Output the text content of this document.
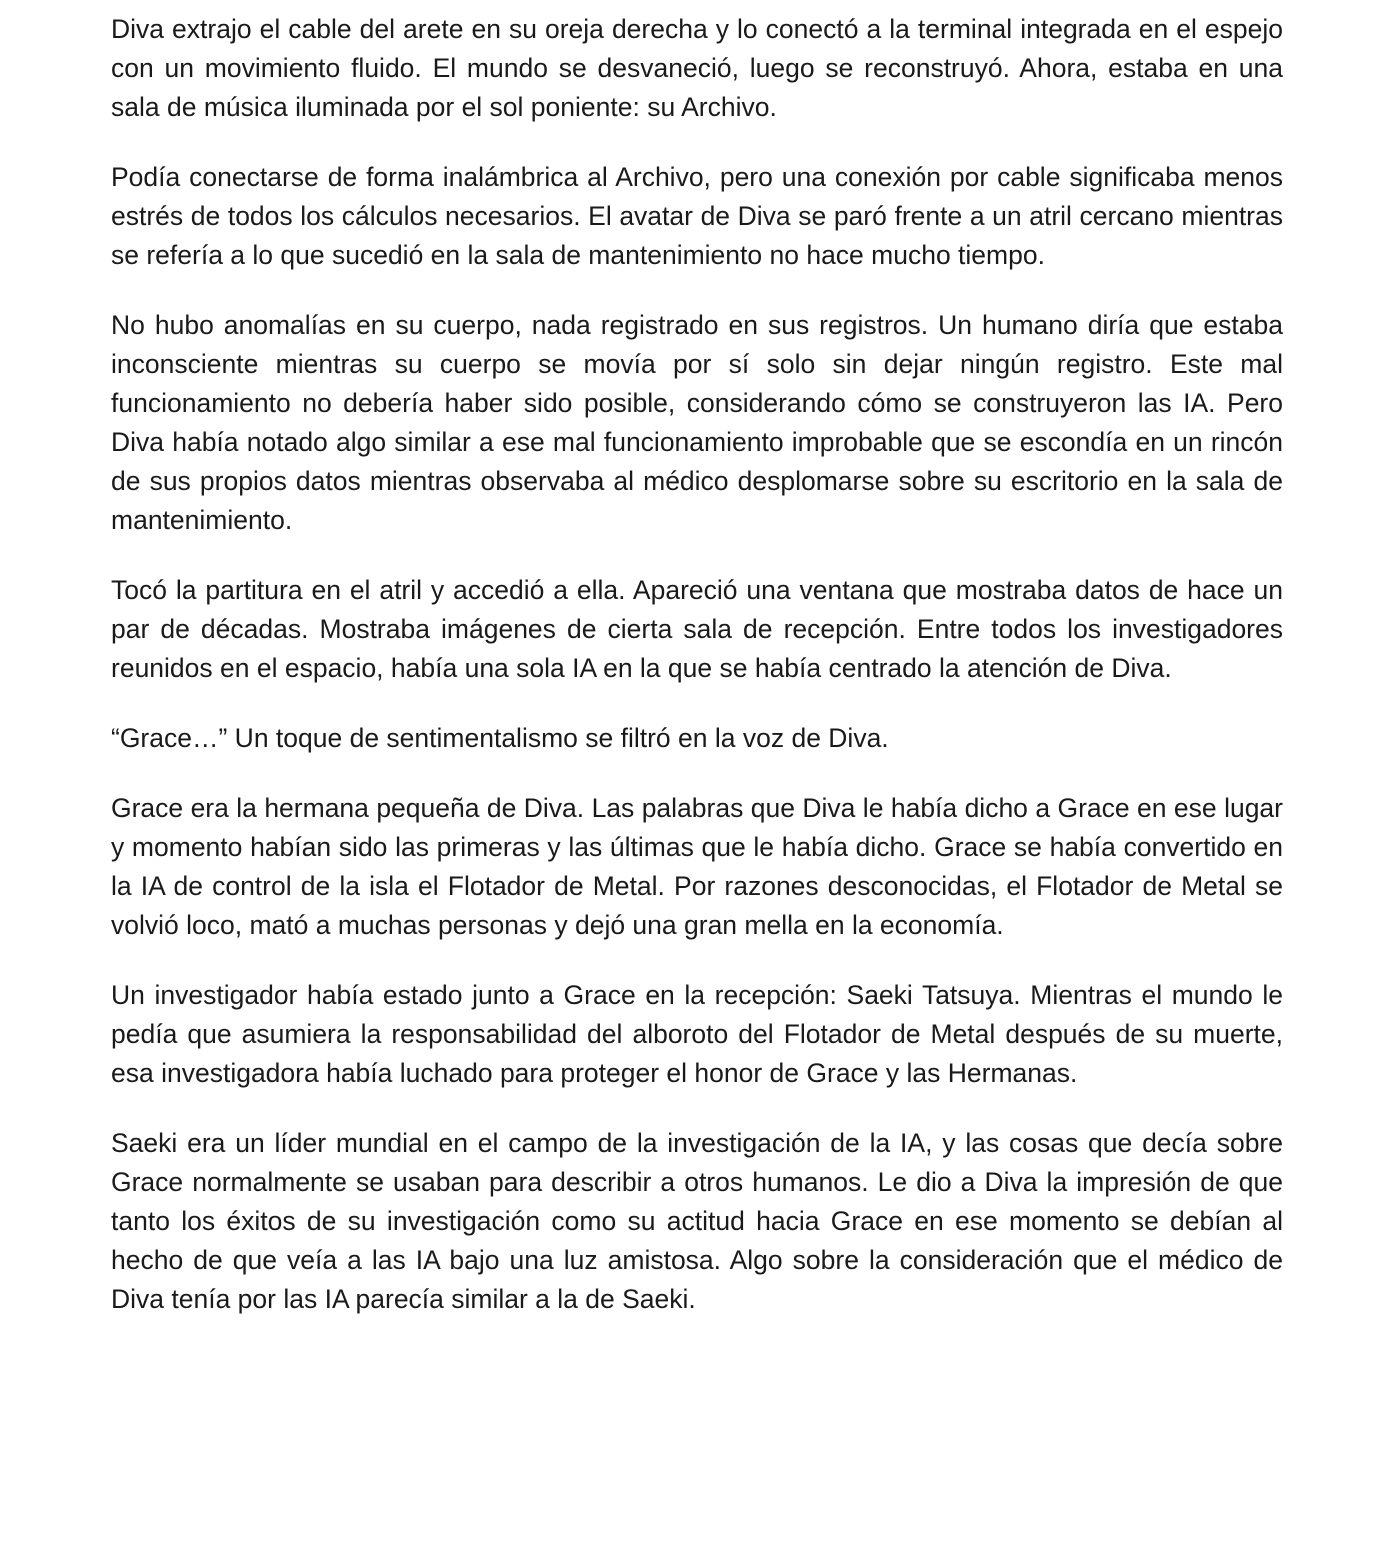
Diva extrajo el cable del arete en su oreja derecha y lo conectó a la terminal integrada en el espejo con un movimiento fluido. El mundo se desvaneció, luego se reconstruyó. Ahora, estaba en una sala de música iluminada por el sol poniente: su Archivo.

Podía conectarse de forma inalámbrica al Archivo, pero una conexión por cable significaba menos estrés de todos los cálculos necesarios. El avatar de Diva se paró frente a un atril cercano mientras se refería a lo que sucedió en la sala de mantenimiento no hace mucho tiempo.

No hubo anomalías en su cuerpo, nada registrado en sus registros. Un humano diría que estaba inconsciente mientras su cuerpo se movía por sí solo sin dejar ningún registro. Este mal funcionamiento no debería haber sido posible, considerando cómo se construyeron las IA. Pero Diva había notado algo similar a ese mal funcionamiento improbable que se escondía en un rincón de sus propios datos mientras observaba al médico desplomarse sobre su escritorio en la sala de mantenimiento.

Tocó la partitura en el atril y accedió a ella. Apareció una ventana que mostraba datos de hace un par de décadas. Mostraba imágenes de cierta sala de recepción. Entre todos los investigadores reunidos en el espacio, había una sola IA en la que se había centrado la atención de Diva.

“Grace…” Un toque de sentimentalismo se filtró en la voz de Diva.

Grace era la hermana pequeña de Diva. Las palabras que Diva le había dicho a Grace en ese lugar y momento habían sido las primeras y las últimas que le había dicho. Grace se había convertido en la IA de control de la isla el Flotador de Metal. Por razones desconocidas, el Flotador de Metal se volvió loco, mató a muchas personas y dejó una gran mella en la economía.

Un investigador había estado junto a Grace en la recepción: Saeki Tatsuya. Mientras el mundo le pedía que asumiera la responsabilidad del alboroto del Flotador de Metal después de su muerte, esa investigadora había luchado para proteger el honor de Grace y las Hermanas.

Saeki era un líder mundial en el campo de la investigación de la IA, y las cosas que decía sobre Grace normalmente se usaban para describir a otros humanos. Le dio a Diva la impresión de que tanto los éxitos de su investigación como su actitud hacia Grace en ese momento se debían al hecho de que veía a las IA bajo una luz amistosa. Algo sobre la consideración que el médico de Diva tenía por las IA parecía similar a la de Saeki.
